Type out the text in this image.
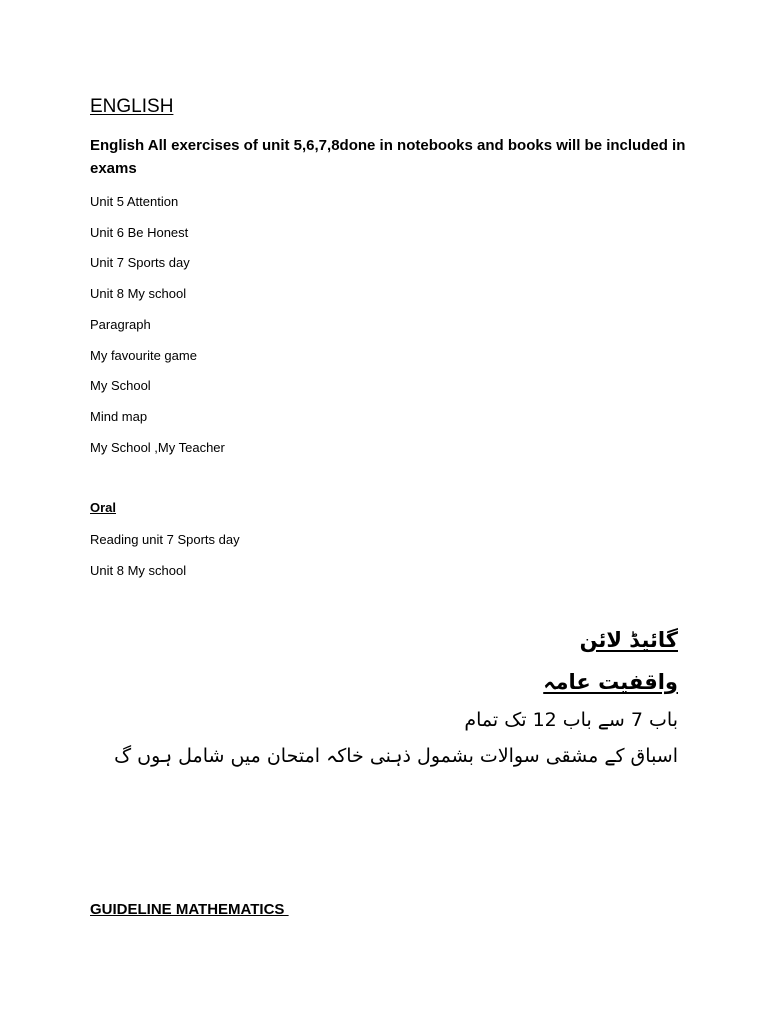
ENGLISH
English All exercises of unit 5,6,7,8done in notebooks and books will be included in exams
Unit 5 Attention
Unit 6 Be Honest
Unit 7 Sports day
Unit 8 My school
Paragraph
My favourite game
My School
Mind map
My School ,My Teacher
Oral
Reading unit 7 Sports day
Unit 8 My school
گائیڈ لائن
واقفیت عامہ
باب 7 سے باب 12 تک تمام
اسباق کے مشقی سوالات بشمول ذہنی خاکہ امتحان میں شامل ہوں گ
GUIDELINE MATHEMATICS
